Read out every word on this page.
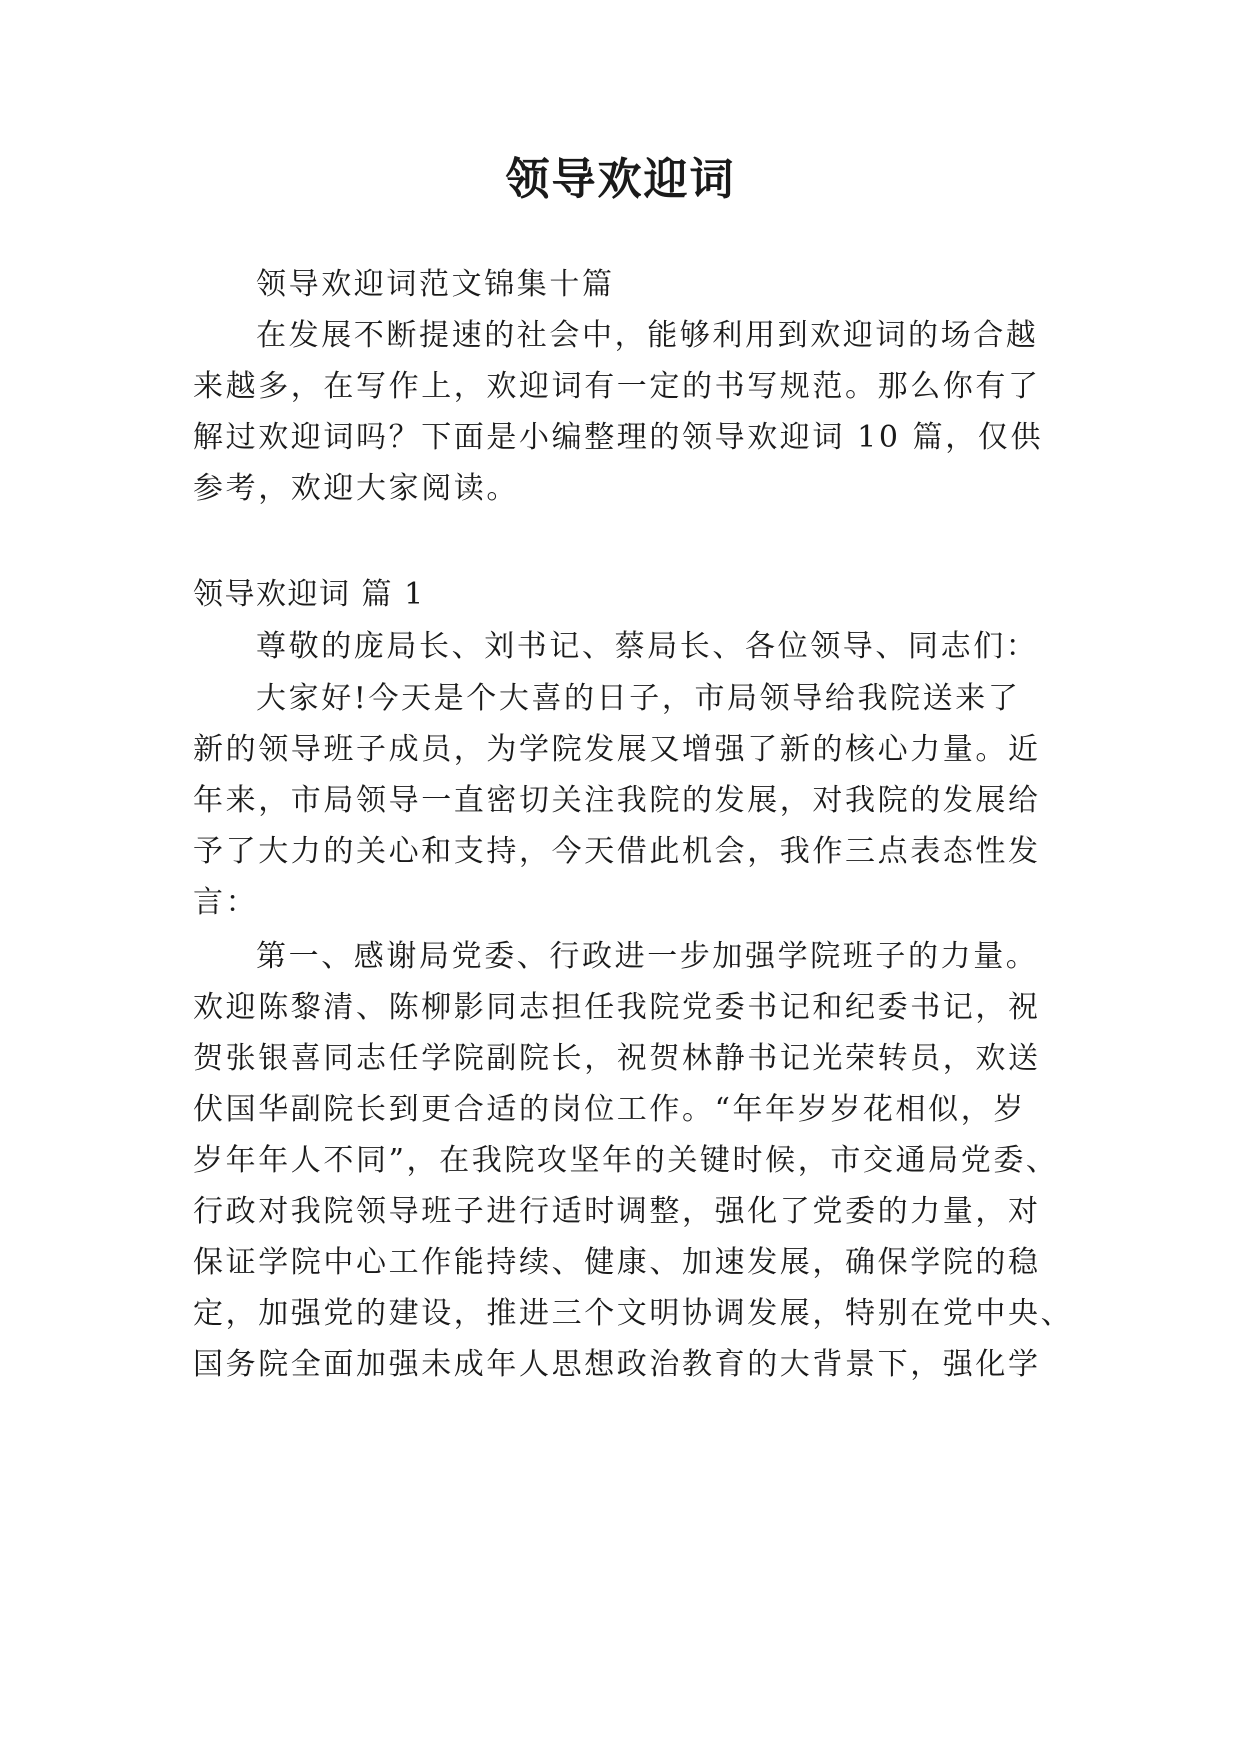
领导欢迎词
领导欢迎词范文锦集十篇
在发展不断提速的社会中，能够利用到欢迎词的场合越
来越多，在写作上，欢迎词有一定的书写规范。那么你有了
解过欢迎词吗？下面是小编整理的领导欢迎词 10 篇，仅供
参考，欢迎大家阅读。
领导欢迎词 篇 1
尊敬的庞局长、刘书记、蔡局长、各位领导、同志们：
大家好!今天是个大喜的日子，市局领导给我院送来了
新的领导班子成员，为学院发展又增强了新的核心力量。近
年来，市局领导一直密切关注我院的发展，对我院的发展给
予了大力的关心和支持，今天借此机会，我作三点表态性发
言：
第一、感谢局党委、行政进一步加强学院班子的力量。
欢迎陈黎清、陈柳影同志担任我院党委书记和纪委书记，祝
贺张银喜同志任学院副院长，祝贺林静书记光荣转员，欢送
伏国华副院长到更合适的岗位工作。“年年岁岁花相似，岁
岁年年人不同”，在我院攻坚年的关键时候，市交通局党委、
行政对我院领导班子进行适时调整，强化了党委的力量，对
保证学院中心工作能持续、健康、加速发展，确保学院的稳
定，加强党的建设，推进三个文明协调发展，特别在党中央、
国务院全面加强未成年人思想政治教育的大背景下，强化学
